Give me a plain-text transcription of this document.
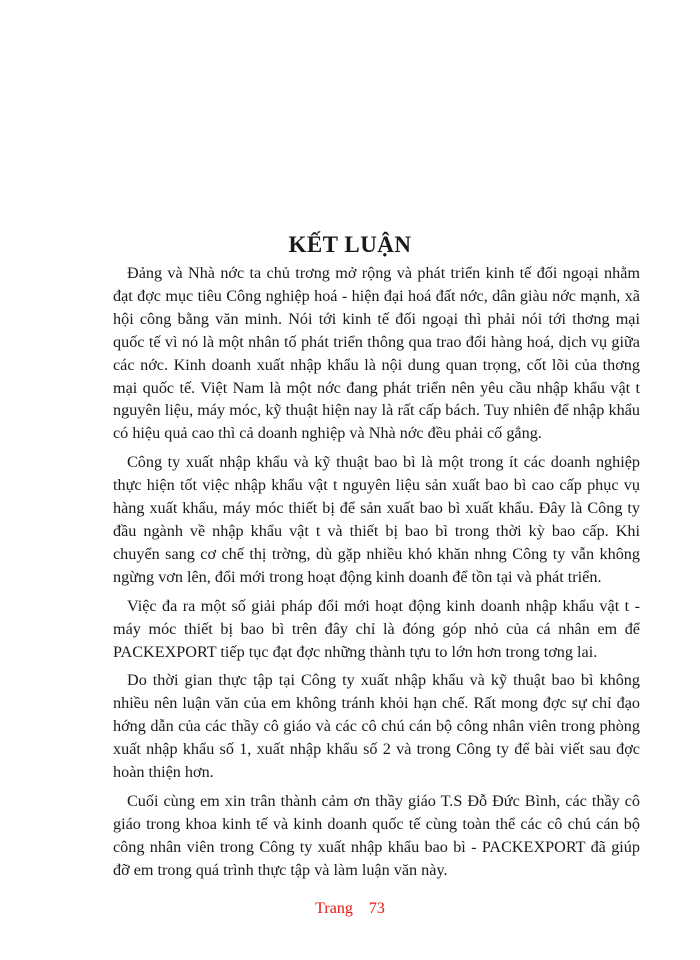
KẾT LUẬN

Đảng và Nhà nớc ta chủ trơng mở rộng và phát triển kinh tế đối ngoại nhằm đạt đợc mục tiêu Công nghiệp hoá - hiện đại hoá đất nớc, dân giàu nớc mạnh, xã hội công bằng văn minh. Nói tới kinh tế đối ngoại thì phải nói tới thơng mại quốc tế vì nó là một nhân tố phát triển thông qua trao đổi hàng hoá, dịch vụ giữa các nớc. Kinh doanh xuất nhập khẩu là nội dung quan trọng, cốt lõi của thơng mại quốc tế. Việt Nam là một nớc đang phát triển nên yêu cầu nhập khẩu vật t nguyên liệu, máy móc, kỹ thuật hiện nay là rất cấp bách. Tuy nhiên để nhập khẩu có hiệu quả cao thì cả doanh nghiệp và Nhà nớc đều phải cố gắng.

Công ty xuất nhập khẩu và kỹ thuật bao bì là một trong ít các doanh nghiệp thực hiện tốt việc nhập khẩu vật t nguyên liệu sản xuất bao bì cao cấp phục vụ hàng xuất khẩu, máy móc thiết bị để sản xuất bao bì xuất khẩu. Đây là Công ty đầu ngành về nhập khẩu vật t và thiết bị bao bì trong thời kỳ bao cấp. Khi chuyển sang cơ chế thị trờng, dù gặp nhiều khó khăn nhng Công ty vẫn không ngừng vơn lên, đổi mới trong hoạt động kinh doanh để tồn tại và phát triển.

Việc đa ra một số giải pháp đổi mới hoạt động kinh doanh nhập khẩu vật t - máy móc thiết bị bao bì trên đây chỉ là đóng góp nhỏ của cá nhân em để PACKEXPORT tiếp tục đạt đợc những thành tựu to lớn hơn trong tơng lai.

Do thời gian thực tập tại Công ty xuất nhập khẩu và kỹ thuật bao bì không nhiều nên luận văn của em không tránh khỏi hạn chế. Rất mong đợc sự chỉ đạo hớng dẫn của các thầy cô giáo và các cô chú cán bộ công nhân viên trong phòng xuất nhập khẩu số 1, xuất nhập khẩu số 2 và trong Công ty để bài viết sau đợc hoàn thiện hơn.

Cuối cùng em xin trân thành cảm ơn thầy giáo T.S Đỗ Đức Bình, các thầy cô giáo trong khoa kinh tế và kinh doanh quốc tế cùng toàn thể các cô chú cán bộ công nhân viên trong Công ty xuất nhập khẩu bao bì - PACKEXPORT đã giúp đỡ em trong quá trình thực tập và làm luận văn này.

Trang 73
